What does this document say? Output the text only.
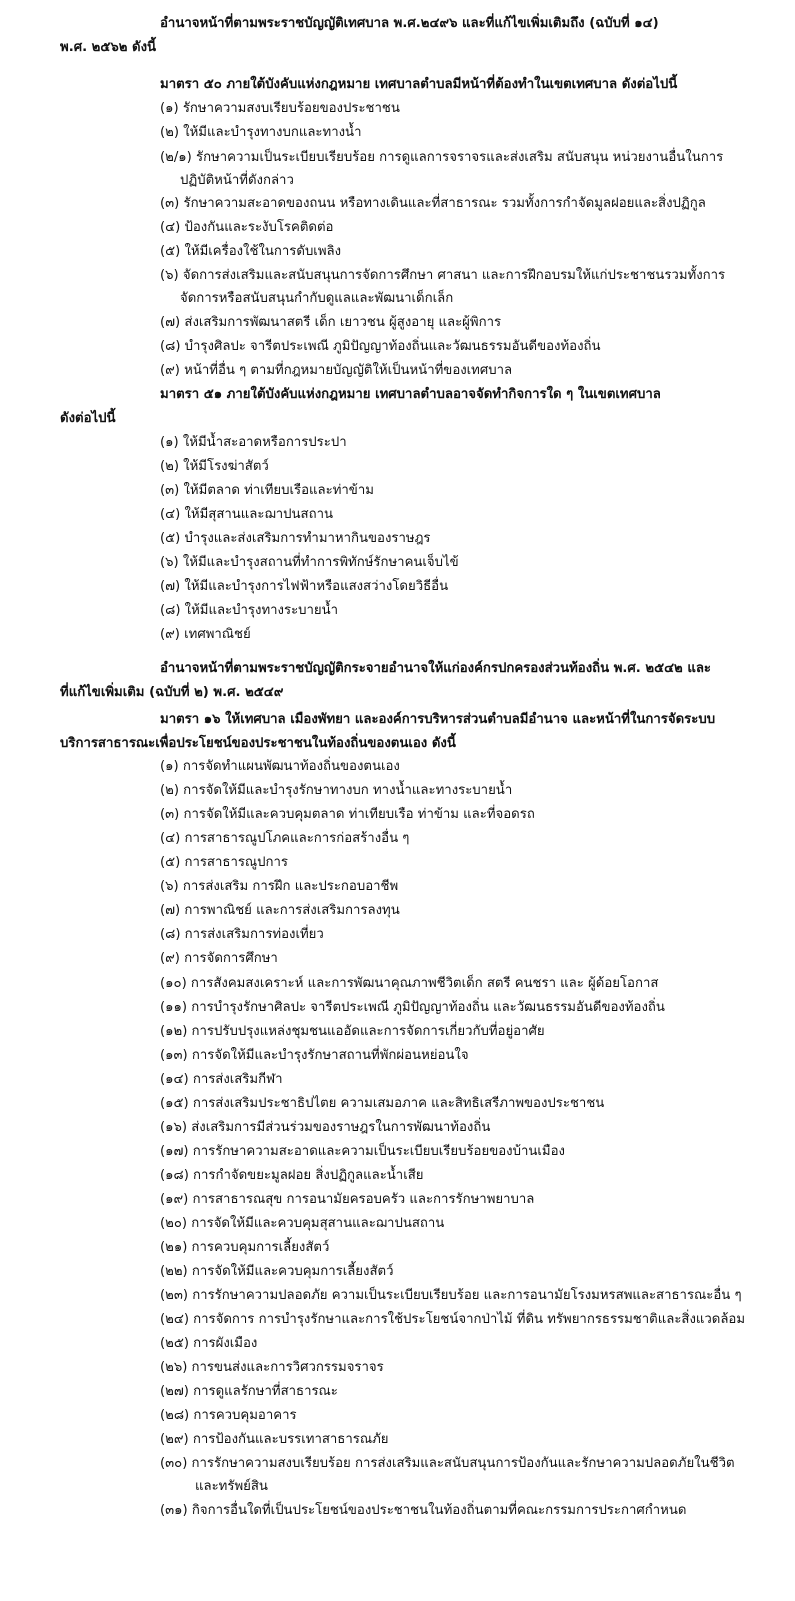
อำนาจหน้าที่ตามพระราชบัญญัติเทศบาล พ.ศ.๒๔๙๖ และที่แก้ไขเพิ่มเติมถึง (ฉบับที่ ๑๔)
พ.ศ. ๒๕๖๒ ดังนี้
มาตรา ๕๐ ภายใต้บังคับแห่งกฎหมาย เทศบาลตำบลมีหน้าที่ต้องทำในเขตเทศบาล ดังต่อไปนี้
(๑) รักษาความสงบเรียบร้อยของประชาชน
(๒) ให้มีและบำรุงทางบกและทางน้ำ
(๒/๑) รักษาความเป็นระเบียบเรียบร้อย การดูแลการจราจรและส่งเสริม สนับสนุน หน่วยงานอื่นในการ
ปฏิบัติหน้าที่ดังกล่าว
(๓) รักษาความสะอาดของถนน หรือทางเดินและที่สาธารณะ รวมทั้งการกำจัดมูลฝอยและสิ่งปฏิกูล
(๔) ป้องกันและระงับโรคติดต่อ
(๕) ให้มีเครื่องใช้ในการดับเพลิง
(๖) จัดการส่งเสริมและสนับสนุนการจัดการศึกษา ศาสนา และการฝึกอบรมให้แก่ประชาชนรวมทั้งการ
จัดการหรือสนับสนุนกำกับดูแลและพัฒนาเด็กเล็ก
(๗) ส่งเสริมการพัฒนาสตรี เด็ก เยาวชน ผู้สูงอายุ และผู้พิการ
(๘) บำรุงศิลปะ จารีตประเพณี ภูมิปัญญาท้องถิ่นและวัฒนธรรมอันดีของท้องถิ่น
(๙) หน้าที่อื่น ๆ ตามที่กฎหมายบัญญัติให้เป็นหน้าที่ของเทศบาล
มาตรา ๕๑ ภายใต้บังคับแห่งกฎหมาย เทศบาลตำบลอาจจัดทำกิจการใด ๆ ในเขตเทศบาล
ดังต่อไปนี้
(๑) ให้มีน้ำสะอาดหรือการประปา
(๒) ให้มีโรงฆ่าสัตว์
(๓) ให้มีตลาด ท่าเทียบเรือและท่าข้าม
(๔) ให้มีสุสานและฌาปนสถาน
(๕) บำรุงและส่งเสริมการทำมาหากินของราษฎร
(๖) ให้มีและบำรุงสถานที่ทำการพิทักษ์รักษาคนเจ็บไข้
(๗) ให้มีและบำรุงการไฟฟ้าหรือแสงสว่างโดยวิธีอื่น
(๘) ให้มีและบำรุงทางระบายน้ำ
(๙) เทศพาณิชย์
อำนาจหน้าที่ตามพระราชบัญญัติกระจายอำนาจให้แก่องค์กรปกครองส่วนท้องถิ่น พ.ศ. ๒๕๔๒ และ
ที่แก้ไขเพิ่มเติม (ฉบับที่ ๒) พ.ศ. ๒๕๔๙
มาตรา ๑๖ ให้เทศบาล เมืองพัทยา และองค์การบริหารส่วนตำบลมีอำนาจ และหน้าที่ในการจัดระบบ
บริการสาธารณะเพื่อประโยชน์ของประชาชนในท้องถิ่นของตนเอง ดังนี้
(๑) การจัดทำแผนพัฒนาท้องถิ่นของตนเอง
(๒) การจัดให้มีและบำรุงรักษาทางบก ทางน้ำและทางระบายน้ำ
(๓) การจัดให้มีและควบคุมตลาด ท่าเทียบเรือ ท่าข้าม และที่จอดรถ
(๔) การสาธารณูปโภคและการก่อสร้างอื่น ๆ
(๕) การสาธารณูปการ
(๖) การส่งเสริม การฝึก และประกอบอาชีพ
(๗) การพาณิชย์ และการส่งเสริมการลงทุน
(๘) การส่งเสริมการท่องเที่ยว
(๙) การจัดการศึกษา
(๑๐) การสังคมสงเคราะห์ และการพัฒนาคุณภาพชีวิตเด็ก สตรี คนชรา และ ผู้ด้อยโอกาส
(๑๑) การบำรุงรักษาศิลปะ จารีตประเพณี ภูมิปัญญาท้องถิ่น และวัฒนธรรมอันดีของท้องถิ่น
(๑๒) การปรับปรุงแหล่งชุมชนแออัดและการจัดการเกี่ยวกับที่อยู่อาศัย
(๑๓) การจัดให้มีและบำรุงรักษาสถานที่พักผ่อนหย่อนใจ
(๑๔) การส่งเสริมกีฬา
(๑๕) การส่งเสริมประชาธิปไตย ความเสมอภาค และสิทธิเสรีภาพของประชาชน
(๑๖) ส่งเสริมการมีส่วนร่วมของราษฎรในการพัฒนาท้องถิ่น
(๑๗) การรักษาความสะอาดและความเป็นระเบียบเรียบร้อยของบ้านเมือง
(๑๘) การกำจัดขยะมูลฝอย สิ่งปฏิกูลและน้ำเสีย
(๑๙) การสาธารณสุข การอนามัยครอบครัว และการรักษาพยาบาล
(๒๐) การจัดให้มีและควบคุมสุสานและฌาปนสถาน
(๒๑) การควบคุมการเลี้ยงสัตว์
(๒๒) การจัดให้มีและควบคุมการเลี้ยงสัตว์
(๒๓) การรักษาความปลอดภัย ความเป็นระเบียบเรียบร้อย และการอนามัยโรงมหรสพและสาธารณะอื่น ๆ
(๒๔) การจัดการ การบำรุงรักษาและการใช้ประโยชน์จากป่าไม้ ที่ดิน ทรัพยากรธรรมชาติและสิ่งแวดล้อม
(๒๕) การผังเมือง
(๒๖) การขนส่งและการวิศวกรรมจราจร
(๒๗) การดูแลรักษาที่สาธารณะ
(๒๘) การควบคุมอาคาร
(๒๙) การป้องกันและบรรเทาสาธารณภัย
(๓๐) การรักษาความสงบเรียบร้อย การส่งเสริมและสนับสนุนการป้องกันและรักษาความปลอดภัยในชีวิต
และทรัพย์สิน
(๓๑) กิจการอื่นใดที่เป็นประโยชน์ของประชาชนในท้องถิ่นตามที่คณะกรรมการประกาศกำหนด
